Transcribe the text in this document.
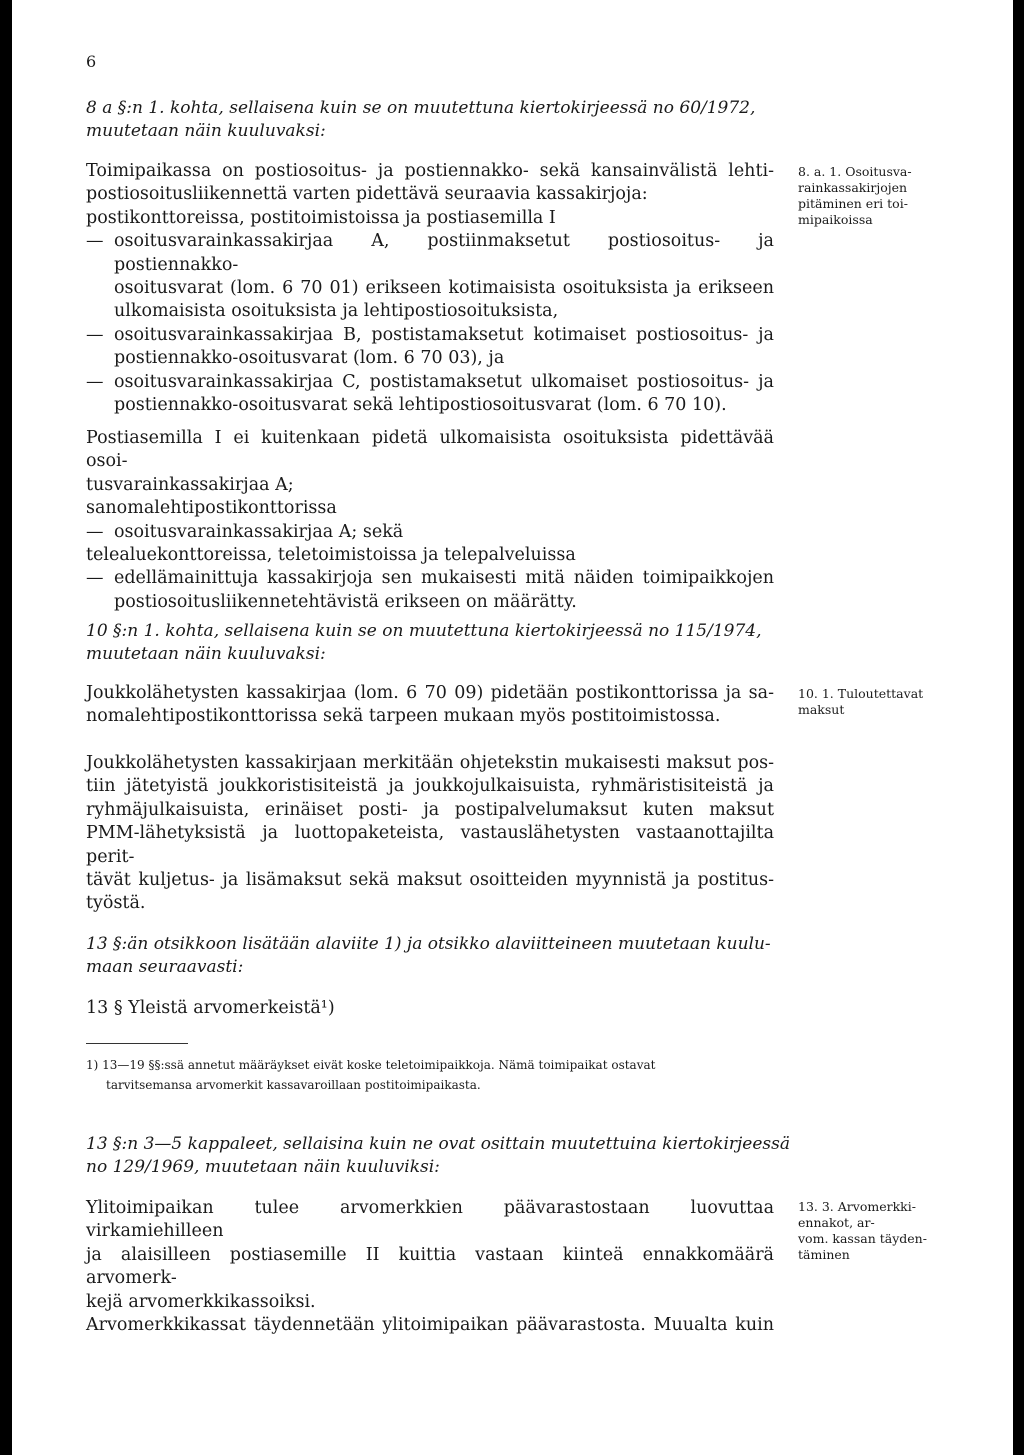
6
8 a §:n 1. kohta, sellaisena kuin se on muutettuna kiertokirjeessä no 60/1972,
muutetaan näin kuuluvaksi:
Toimipaikassa on postiosoitus- ja postiennakko- sekä kansainvälistä lehti-
postiosoitusliikennettä varten pidettävä seuraavia kassakirjoja:
postikonttoreissa, postitoimistoissa ja postiasemilla I
— osoitusvarainkassakirjaa A, postiinmaksetut postiosoitus- ja postiennakko-
osoitusvarat (lom. 6 70 01) erikseen kotimaisista osoituksista ja erikseen
ulkomaisista osoituksista ja lehtipostiosoituksista,
— osoitusvarainkassakirjaa B, postistamaksetut kotimaiset postiosoitus- ja
postiennakko-osoitusvarat (lom. 6 70 03), ja
— osoitusvarainkassakirjaa C, postistamaksetut ulkomaiset postiosoitus- ja
postiennakko-osoitusvarat sekä lehtipostiosoitusvarat (lom. 6 70 10).
8. a. 1. Osoitusva-
rainkassakirjojen
pitäminen eri toi-
mipaikoissa
Postiasemilla I ei kuitenkaan pidetä ulkomaisista osoituksista pidettävää osoi-
tusvarainkassakirjaa A;
sanomalehtipostikonttorissa
— osoitusvarainkassakirjaa A; sekä
telealuekonttoreissa, teletoimistoissa ja telepalveluissa
— edellämainittuja kassakirjoja sen mukaisesti mitä näiden toimipaikkojen
postiosoitusliikennetehtävistä erikseen on määrätty.
10 §:n 1. kohta, sellaisena kuin se on muutettuna kiertokirjeessä no 115/1974,
muutetaan näin kuuluvaksi:
Joukkolähetysten kassakirjaa (lom. 6 70 09) pidetään postikonttorissa ja sa-
nomalehtipostikonttorissa sekä tarpeen mukaan myös postitoimistossa.
10. 1. Tuloutettavat
maksut
Joukkolähetysten kassakirjaan merkitään ohjetekstin mukaisesti maksut pos-
tiin jätetyistä joukkoristisiteistä ja joukkojulkaisuista, ryhmäristisiteistä ja
ryhmäjulkaisuista, erinäiset posti- ja postipalvelumaksut kuten maksut
PMM-lähetyksistä ja luottopaketeista, vastauslähetysten vastaanottajilta perit-
tävät kuljetus- ja lisämaksut sekä maksut osoitteiden myynnistä ja postitus-
työstä.
13 §:än otsikkoon lisätään alaviite 1) ja otsikko alaviitteineen muutetaan kuulu-
maan seuraavasti:
13 § Yleistä arvomerkeistä¹)
1) 13—19 §§:ssä annetut määräykset eivät koske teletoimipaikkoja. Nämä toimipaikat ostavat
tarvitsemansa arvomerkit kassavaroillaan postitoimipaikasta.
13 §:n 3—5 kappaleet, sellaisina kuin ne ovat osittain muutettuina kiertokirjeessä
no 129/1969, muutetaan näin kuuluviksi:
Ylitoimipaikan tulee arvomerkkien päävarastostaan luovuttaa virkamiehilleen
ja alaisilleen postiasemille II kuittia vastaan kiinteä ennakkomäärä arvomerk-
kejä arvomerkkikassoiksi.
Arvomerkkikassat täydennetään ylitoimipaikan päävarastosta. Muualta kuin
13. 3. Arvomerkki-
ennakot, ar-
vom. kassan täyden-
täminen
